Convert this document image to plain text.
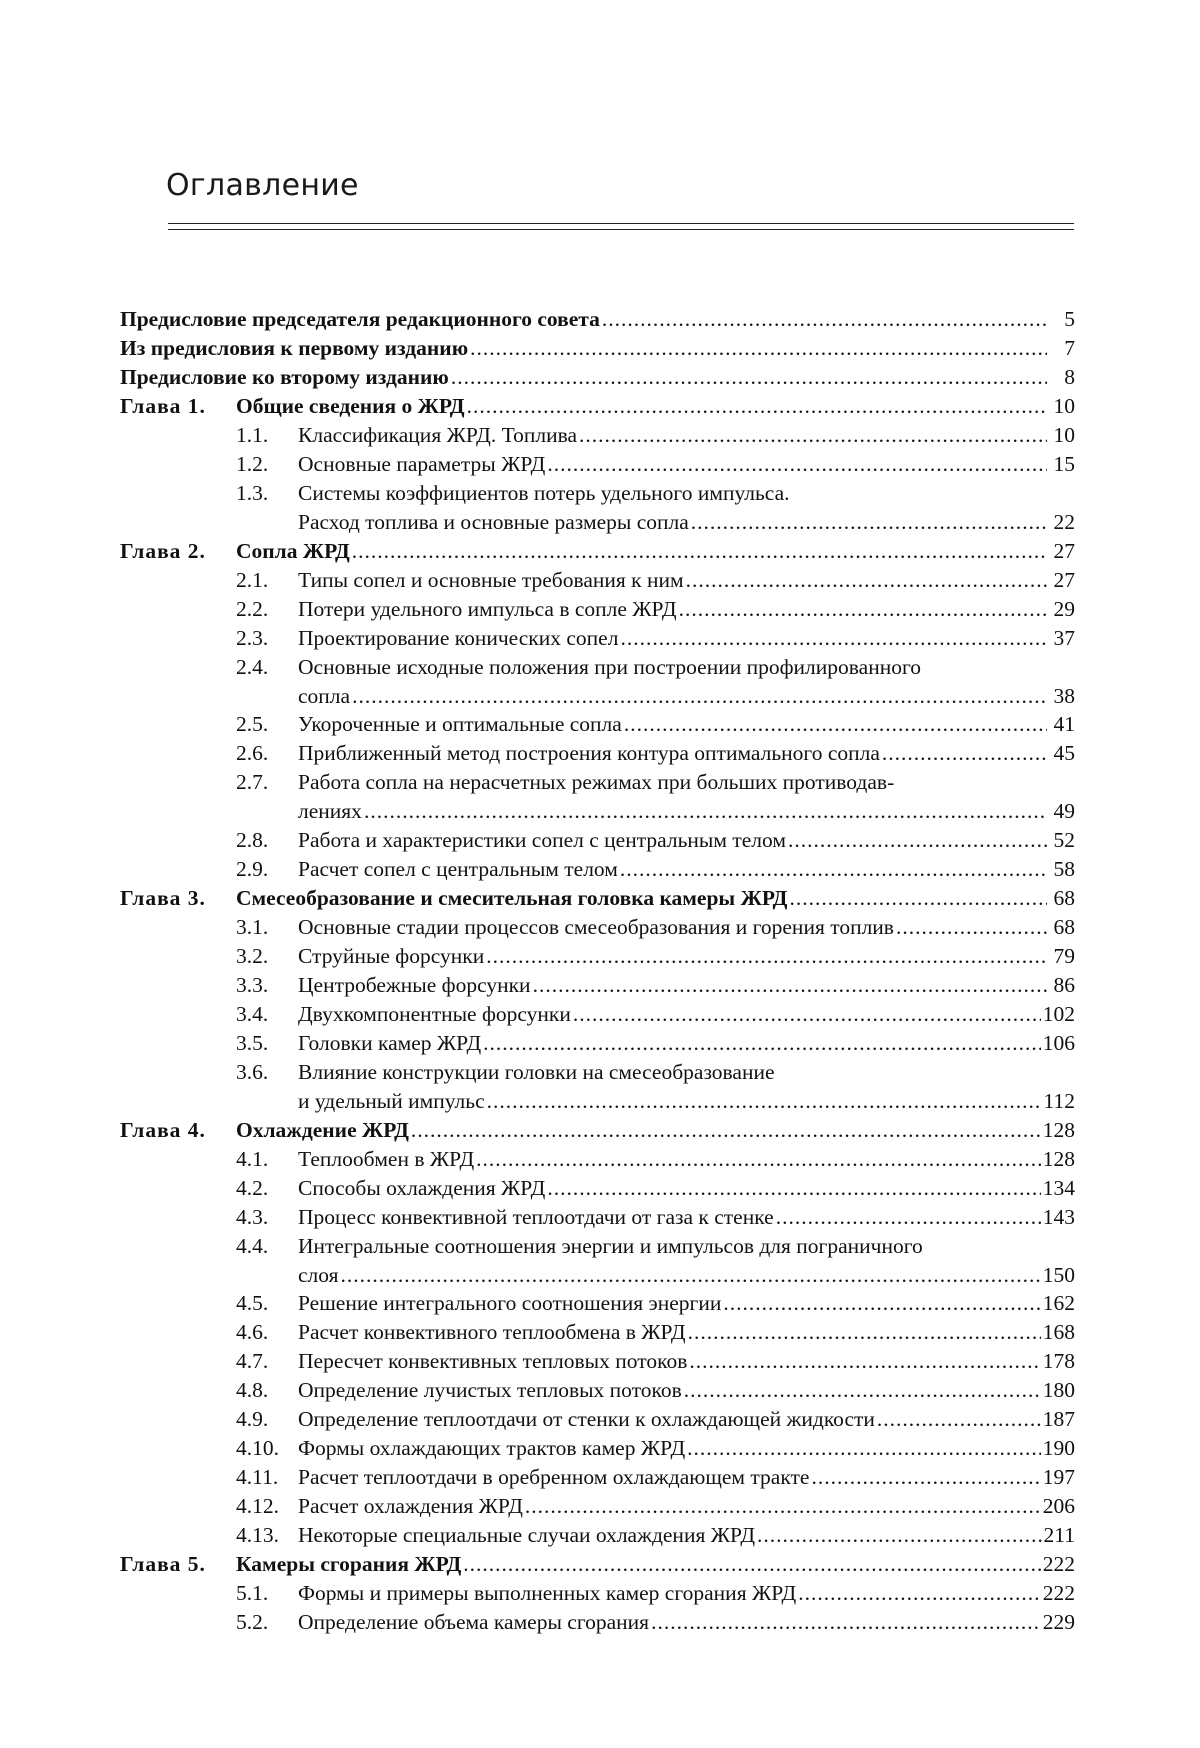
Оглавление
Предисловие председателя редакционного совета .....	5
Из предисловия к первому изданию .....	7
Предисловие ко второму изданию .....	8
Глава 1.	Общие сведения о ЖРД .....	10
1.1.	Классификация ЖРД. Топлива .....	10
1.2.	Основные параметры ЖРД .....	15
1.3.	Системы коэффициентов потерь удельного импульса.
Расход топлива и основные размеры сопла .....	22
Глава 2.	Сопла ЖРД .....	27
2.1.	Типы сопел и основные требования к ним .....	27
2.2.	Потери удельного импульса в сопле ЖРД .....	29
2.3.	Проектирование конических сопел .....	37
2.4.	Основные исходные положения при построении профилированного
сопла .....	38
2.5.	Укороченные и оптимальные сопла .....	41
2.6.	Приближенный метод построения контура оптимального сопла .....	45
2.7.	Работа сопла на нерасчетных режимах при больших противодав-
лениях .....	49
2.8.	Работа и характеристики сопел с центральным телом .....	52
2.9.	Расчет сопел с центральным телом .....	58
Глава 3.	Смесеобразование и смесительная головка камеры ЖРД .....	68
3.1.	Основные стадии процессов смесеобразования и горения топлив .....	68
3.2.	Струйные форсунки .....	79
3.3.	Центробежные форсунки .....	86
3.4.	Двухкомпонентные форсунки .....	102
3.5.	Головки камер ЖРД .....	106
3.6.	Влияние конструкции головки на смесеобразование
и удельный импульс .....	112
Глава 4.	Охлаждение ЖРД .....	128
4.1.	Теплообмен в ЖРД .....	128
4.2.	Способы охлаждения ЖРД .....	134
4.3.	Процесс конвективной теплоотдачи от газа к стенке .....	143
4.4.	Интегральные соотношения энергии и импульсов для пограничного
слоя .....	150
4.5.	Решение интегрального соотношения энергии .....	162
4.6.	Расчет конвективного теплообмена в ЖРД .....	168
4.7.	Пересчет конвективных тепловых потоков .....	178
4.8.	Определение лучистых тепловых потоков .....	180
4.9.	Определение теплоотдачи от стенки к охлаждающей жидкости .....	187
4.10. Формы охлаждающих трактов камер ЖРД .....	190
4.11. Расчет теплоотдачи в оребренном охлаждающем тракте .....	197
4.12. Расчет охлаждения ЖРД .....	206
4.13. Некоторые специальные случаи охлаждения ЖРД .....	211
Глава 5.	Камеры сгорания ЖРД .....	222
5.1.	Формы и примеры выполненных камер сгорания ЖРД .....	222
5.2.	Определение объема камеры сгорания .....	229
